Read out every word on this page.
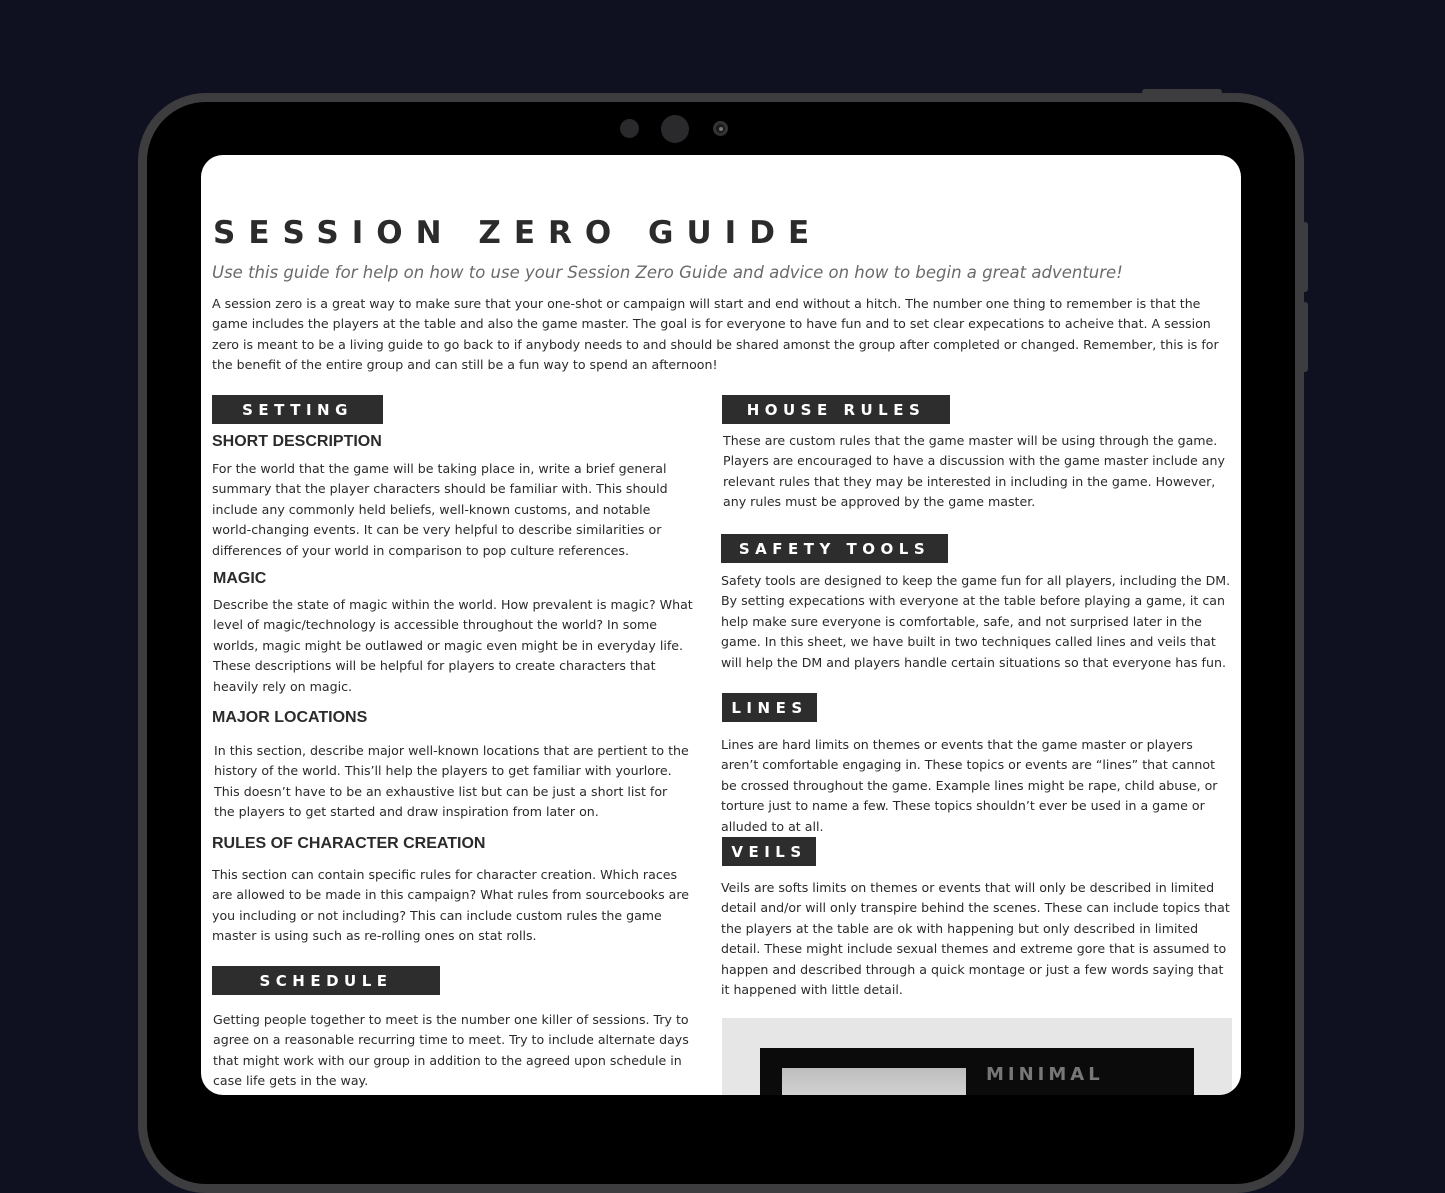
SESSION ZERO GUIDE

Use this guide for help on how to use your Session Zero Guide and advice on how to begin a great adventure!

A session zero is a great way to make sure that your one-shot or campaign will start and end without a hitch. The number one thing to remember is that the game includes the players at the table and also the game master. The goal is for everyone to have fun and to set clear expecations to acheive that. A session zero is meant to be a living guide to go back to if anybody needs to and should be shared amonst the group after completed or changed. Remember, this is for the benefit of the entire group and can still be a fun way to spend an afternoon!

SETTING
SHORT DESCRIPTION

For the world that the game will be taking place in, write a brief general summary that the player characters should be familiar with. This should include any commonly held beliefs, well-known customs, and notable world-changing events. It can be very helpful to describe similarities or differences of your world in comparison to pop culture references.

MAGIC

Describe the state of magic within the world. How prevalent is magic? What level of magic/technology is accessible throughout the world? In some worlds, magic might be outlawed or magic even might be in everyday life. These descriptions will be helpful for players to create characters that heavily rely on magic.

MAJOR LOCATIONS

In this section, describe major well-known locations that are pertient to the history of the world. This’ll help the players to get familiar with yourlore. This doesn’t have to be an exhaustive list but can be just a short list for the players to get started and draw inspiration from later on.

RULES OF CHARACTER CREATION

This section can contain specific rules for character creation. Which races are allowed to be made in this campaign? What rules from sourcebooks are you including or not including? This can include custom rules the game master is using such as re-rolling ones on stat rolls.

SCHEDULE

Getting people together to meet is the number one killer of sessions. Try to agree on a reasonable recurring time to meet. Try to include alternate days that might work with our group in addition to the agreed upon schedule in case life gets in the way.

HOUSE RULES

These are custom rules that the game master will be using through the game. Players are encouraged to have a discussion with the game master include any relevant rules that they may be interested in including in the game. However, any rules must be approved by the game master.

SAFETY TOOLS

Safety tools are designed to keep the game fun for all players, including the DM. By setting expecations with everyone at the table before playing a game, it can help make sure everyone is comfortable, safe, and not surprised later in the game. In this sheet, we have built in two techniques called lines and veils that will help the DM and players handle certain situations so that everyone has fun.

LINES

Lines are hard limits on themes or events that the game master or players aren’t comfortable engaging in. These topics or events are “lines” that cannot be crossed throughout the game. Example lines might be rape, child abuse, or torture just to name a few. These topics shouldn’t ever be used in a game or alluded to at all.

VEILS

Veils are softs limits on themes or events that will only be described in limited detail and/or will only transpire behind the scenes. These can include topics that the players at the table are ok with happening but only described in limited detail. These might include sexual themes and extreme gore that is assumed to happen and described through a quick montage or just a few words saying that it happened with little detail.

MINIMAL
